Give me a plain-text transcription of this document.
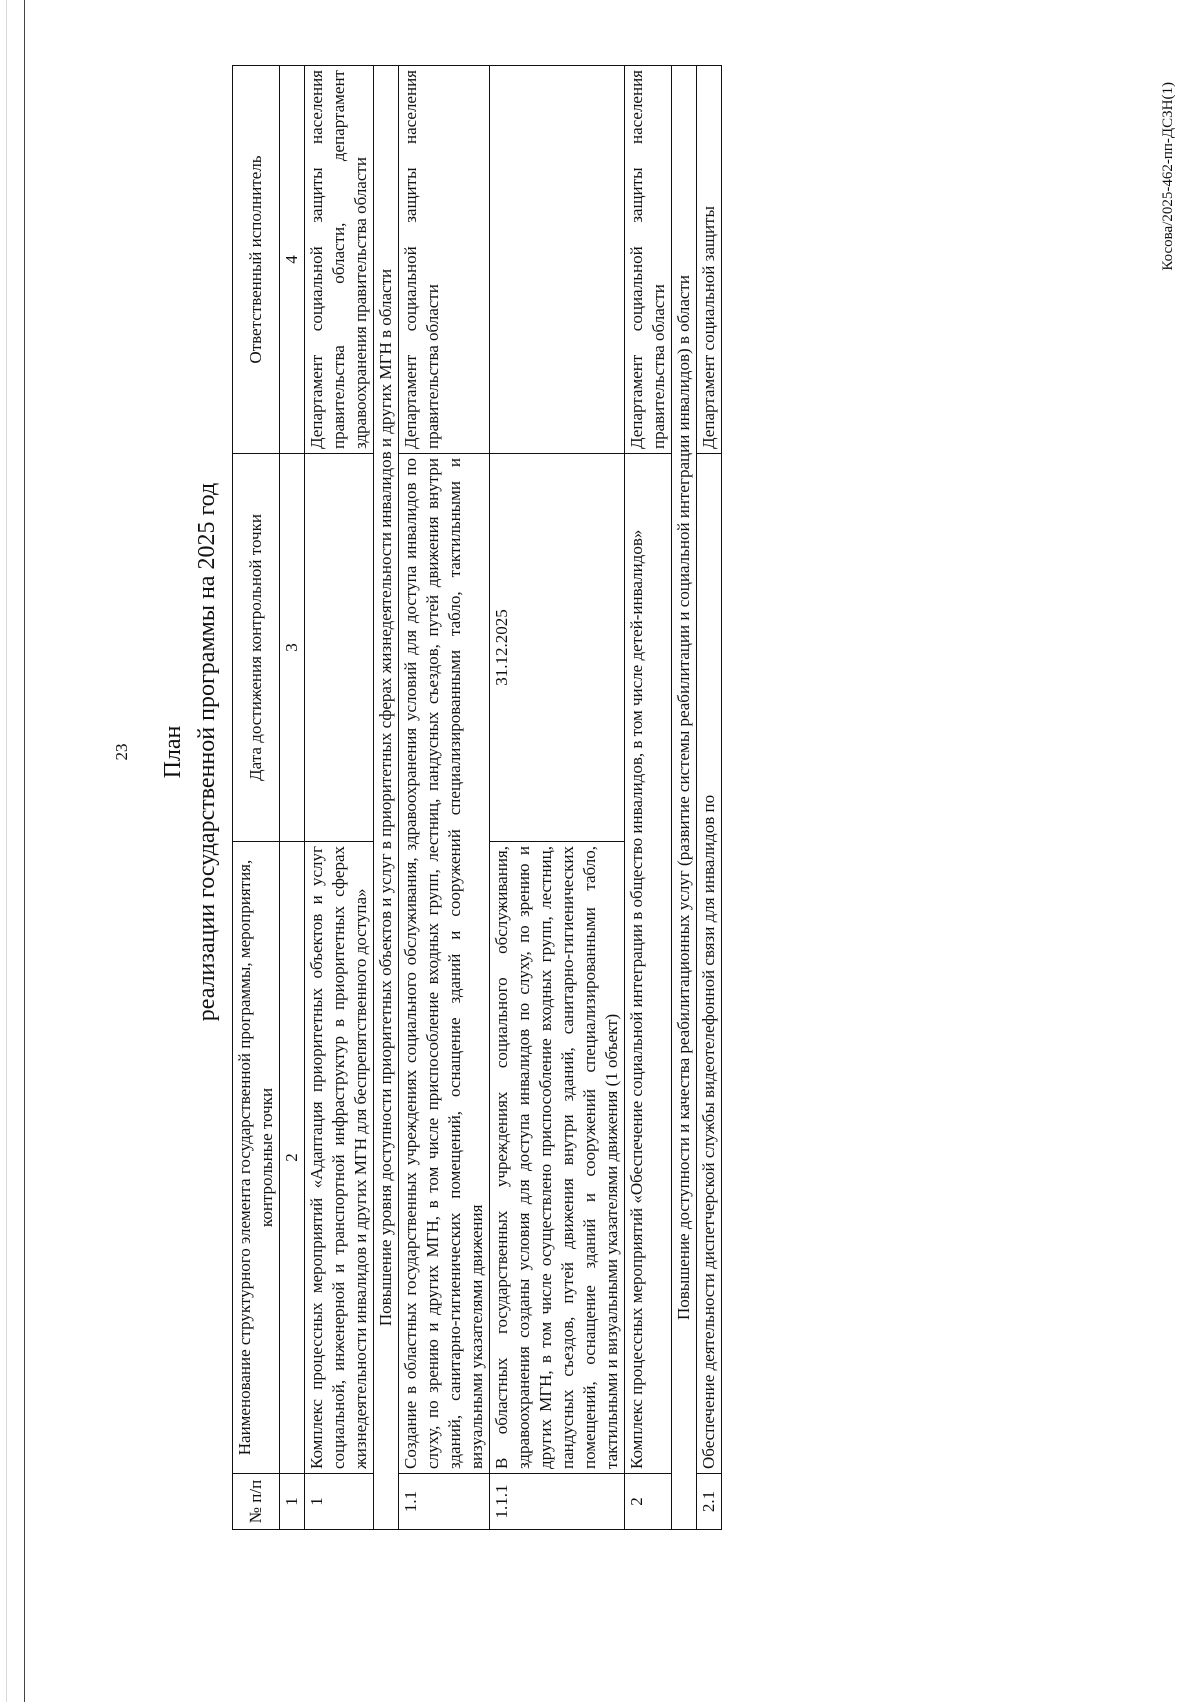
23 План реализации государственной программы на 2025 год
№ п/п	Наименование структурного элемента государственной программы, мероприятия, контрольные точки	Дата достижения контрольной точки	Ответственный исполнитель
1	2	3	4
1	Комплекс процессных мероприятий «Адаптация приоритетных объектов и услуг социальной, инженерной и транспортной инфраструктур в приоритетных сферах жизнедеятельности инвалидов и других МГН для беспрепятственного доступа»		Департамент социальной защиты населения правительства области, департамент здравоохранения правительства области
Повышение уровня доступности приоритетных объектов и услуг в приоритетных сферах жизнедеятельности инвалидов и других МГН в области			
1.1	Создание в областных государственных учреждениях социального обслуживания, здравоохранения условий для доступа инвалидов по слуху, по зрению и других МГН, в том числе приспособление входных групп, лестниц, пандусных съездов, путей движения внутри зданий, санитарно-гигиенических помещений, оснащение зданий и сооружений специализированными табло, тактильными и визуальными указателями движения		Департамент социальной защиты населения правительства области
1.1.1	В областных государственных учреждениях социального обслуживания, здравоохранения созданы условия для доступа инвалидов по слуху, по зрению и других МГН, в том числе осуществлено приспособление входных групп, лестниц, пандусных съездов, путей движения внутри зданий, санитарно-гигиенических помещений, оснащение зданий и сооружений специализированными табло, тактильными и визуальными указателями движения (1 объект)	31.12.2025	
2	Комплекс процессных мероприятий «Обеспечение социальной интеграции в общество инвалидов, в том числе детей-инвалидов»		Департамент социальной защиты населения правительства области
Повышение доступности и качества реабилитационных услуг (развитие системы реабилитации и социальной интеграции инвалидов) в области			
2.1	Обеспечение деятельности диспетчерской службы видеотелефонной связи для инвалидов по		Департамент социальной защиты
Косова/2025-462-пп-ДСЗН(1)
